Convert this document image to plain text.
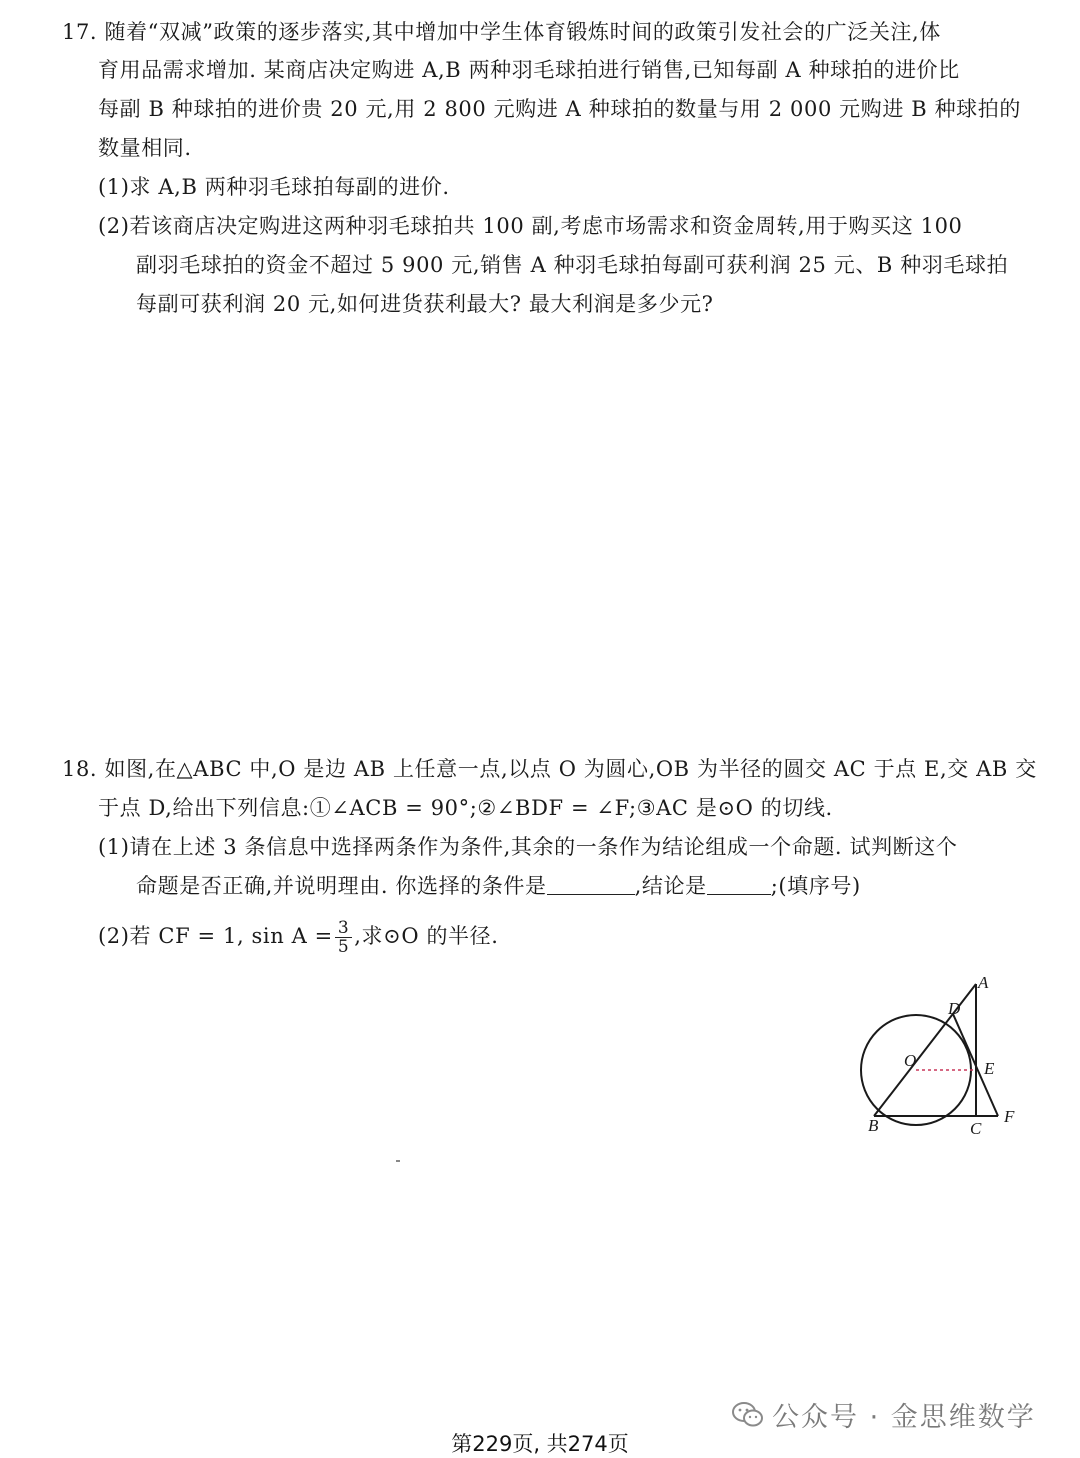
17. 随着“双减”政策的逐步落实,其中增加中学生体育锻炼时间的政策引发社会的广泛关注,体
育用品需求增加. 某商店决定购进 A,B 两种羽毛球拍进行销售,已知每副 A 种球拍的进价比
每副 B 种球拍的进价贵 20 元,用 2 800 元购进 A 种球拍的数量与用 2 000 元购进 B 种球拍的
数量相同.
(1)求 A,B 两种羽毛球拍每副的进价.
(2)若该商店决定购进这两种羽毛球拍共 100 副,考虑市场需求和资金周转,用于购买这 100
副羽毛球拍的资金不超过 5 900 元,销售 A 种羽毛球拍每副可获利润 25 元、B 种羽毛球拍
每副可获利润 20 元,如何进货获利最大? 最大利润是多少元?
18. 如图,在△ABC 中,O 是边 AB 上任意一点,以点 O 为圆心,OB 为半径的圆交 AC 于点 E,交 AB 交
于点 D,给出下列信息:①∠ACB = 90°;②∠BDF = ∠F;③AC 是⊙O 的切线.
(1)请在上述 3 条信息中选择两条作为条件,其余的一条作为结论组成一个命题. 试判断这个
命题是否正确,并说明理由. 你选择的条件是	,结论是	;(填序号)
(2)若 CF = 1, $\sin A = \frac{3}{5}$ ,求⊙O 的半径.
A
D
O	E
B	C
F
公众号 · 金思维数学
第229页, 共274页
